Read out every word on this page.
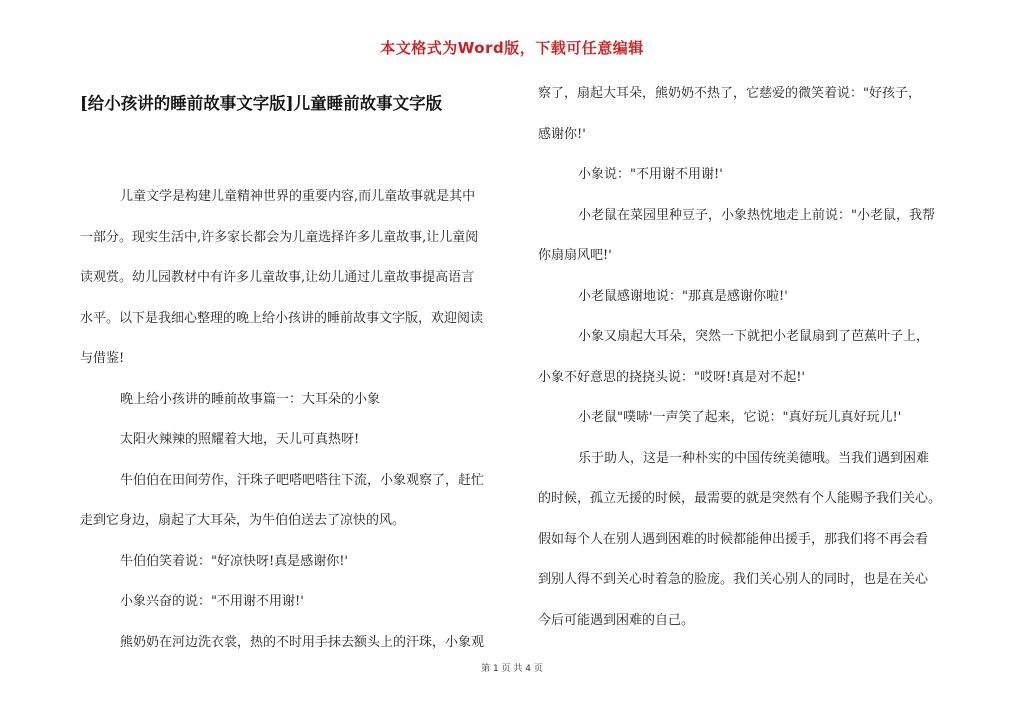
本文格式为Word版，下载可任意编辑
[给小孩讲的睡前故事文字版]儿童睡前故事文字版
儿童文学是构建儿童精神世界的重要内容,而儿童故事就是其中
一部分。现实生活中,许多家长都会为儿童选择许多儿童故事,让儿童阅
读观赏。幼儿园教材中有许多儿童故事,让幼儿通过儿童故事提高语言
水平。以下是我细心整理的晚上给小孩讲的睡前故事文字版，欢迎阅读
与借鉴!
晚上给小孩讲的睡前故事篇一：大耳朵的小象
太阳火辣辣的照耀着大地，天儿可真热呀!
牛伯伯在田间劳作，汗珠子吧嗒吧嗒往下流，小象观察了，赶忙
走到它身边，扇起了大耳朵，为牛伯伯送去了凉快的风。
牛伯伯笑着说："好凉快呀!真是感谢你!'
小象兴奋的说："不用谢不用谢!'
熊奶奶在河边洗衣裳，热的不时用手抹去额头上的汗珠，小象观
察了，扇起大耳朵，熊奶奶不热了，它慈爱的微笑着说："好孩子，
感谢你!'
小象说："不用谢不用谢!'
小老鼠在菜园里种豆子，小象热忱地走上前说："小老鼠，我帮
你扇扇风吧!'
小老鼠感谢地说："那真是感谢你啦!'
小象又扇起大耳朵，突然一下就把小老鼠扇到了芭蕉叶子上，
小象不好意思的挠挠头说："哎呀!真是对不起!'
小老鼠"噗哧'一声笑了起来，它说："真好玩儿真好玩儿!'
乐于助人，这是一种朴实的中国传统美德哦。当我们遇到困难
的时候，孤立无援的时候，最需要的就是突然有个人能赐予我们关心。
假如每个人在别人遇到困难的时候都能伸出援手，那我们将不再会看
到别人得不到关心时着急的脸庞。我们关心别人的同时，也是在关心
今后可能遇到困难的自己。
第 1 页 共 4 页
